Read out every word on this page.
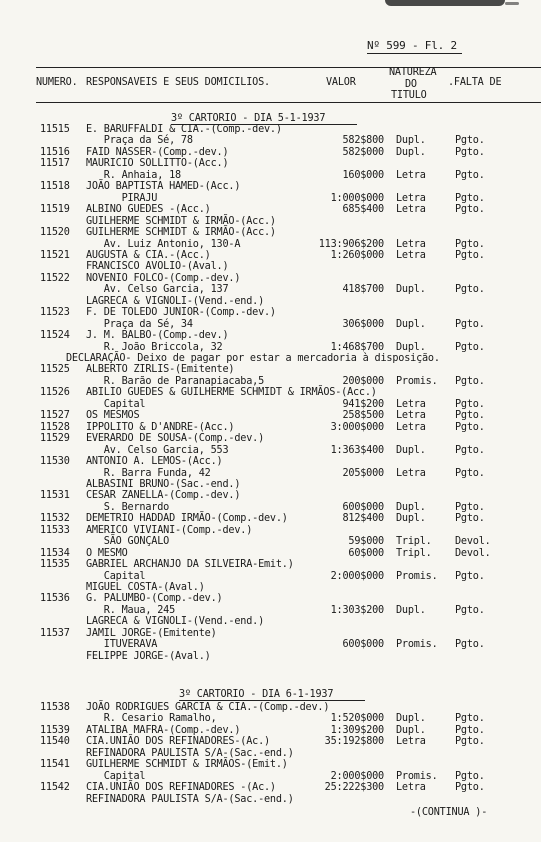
Nº 599 - Fl. 2
NUMERO. RESPONSAVEIS E SEUS DOMICILIOS.	VALOR
NATUREZA
DO
TITULO
.FALTA DE
3º CARTORIO - DIA 5-1-1937
11515 E. BARUFFALDI & CIA.-(Comp.-dev.)
Praça da Sé, 78	582$800 Dupl.	Pgto.
11516 FAID NASSER-(Comp.-dev.)	582$000 Dupl.	Pgto.
11517 MAURICIO SOLLITTO-(Acc.)
R. Anhaia, 18	160$000 Letra	Pgto.
11518 JOÃO BAPTISTA HAMED-(Acc.)
PIRAJU	1:000$000 Letra	Pgto.
11519 ALBINO GUEDES -(Acc.)	685$400 Letra	Pgto.
GUILHERME SCHMIDT & IRMÃO-(Acc.)
11520 GUILHERME SCHMIDT & IRMÃO-(Acc.)
Av. Luiz Antonio, 130-A	113:906$200 Letra	Pgto.
11521 AUGUSTA & CIA.-(Acc.)	1:260$000 Letra	Pgto.
FRANCISCO AVOLIO-(Aval.)
11522 NOVENIO FOLCO-(Comp.-dev.)
Av. Celso Garcia, 137	418$700 Dupl.	Pgto.
LAGRECA & VIGNOLI-(Vend.-end.)
11523 F. DE TOLEDO JUNIOR-(Comp.-dev.)
Praça da Sé, 34	306$000 Dupl.	Pgto.
11524 J. M. BALBO-(Comp.-dev.)
R. João Briccola, 32	1:468$700 Dupl.	Pgto.
DECLARAÇÃO- Deixo de pagar por estar a mercadoria à disposição.
11525 ALBERTO ZIRLIS-(Emitente)
R. Barão de Paranapiacaba,5	200$000 Promis. Pgto.
11526 ABILIO GUEDES & GUILHERME SCHMIDT & IRMÃOS-(Acc.)
Capital	941$200 Letra	Pgto.
11527 OS MESMOS	258$500 Letra	Pgto.
11528 IPPOLITO & D'ANDRE-(Acc.)	3:000$000 Letra	Pgto.
11529 EVERARDO DE SOUSA-(Comp.-dev.)
Av. Celso Garcia, 553	1:363$400 Dupl.	Pgto.
11530 ANTONIO A. LEMOS-(Acc.)
R. Barra Funda, 42	205$000 Letra	Pgto.
ALBASINI BRUNO-(Sac.-end.)
11531 CESAR ZANELLA-(Comp.-dev.)
S. Bernardo	600$000 Dupl.	Pgto.
11532 DEMETRIO HADDAD IRMÃO-(Comp.-dev.)	812$400 Dupl.	Pgto.
11533 AMERICO VIVIANI-(Comp.-dev.)
SÃO GONÇALO	59$000 Tripl. Devol.
11534 O MESMO	60$000 Tripl. Devol.
11535 GABRIEL ARCHANJO DA SILVEIRA-Emit.)
Capital	2:000$000 Promis. Pgto.
MIGUEL COSTA-(Aval.)
11536 G. PALUMBO-(Comp.-dev.)
R. Maua, 245	1:303$200 Dupl.	Pgto.
LAGRECA & VIGNOLI-(Vend.-end.)
11537 JAMIL JORGE-(Emitente)
ITUVERAVA	600$000 Promis. Pgto.
FELIPPE JORGE-(Aval.)
11538 JOÃO RODRIGUES GARCIA & CIA.-(Comp.-dev.)
R. Cesario Ramalho,	1:520$000 Dupl.	Pgto.
11539 ATALIBA MAFRA-(Comp.-dev.)	1:309$200 Dupl.	Pgto.
11540 CIA.UNIÃO DOS REFINADORES-(Ac.)	35:192$800 Letra	Pgto.
REFINADORA PAULISTA S/A-(Sac.-end.)
11541 GUILHERME SCHMIDT & IRMÃOS-(Emit.)
Capital	2:000$000 Promis. Pgto.
11542 CIA.UNIÃO DOS REFINADORES -(Ac.)	25:222$300 Letra	Pgto.
REFINADORA PAULISTA S/A-(Sac.-end.)
3º CARTORIO - DIA 6-1-1937
-(CONTINUA )-
